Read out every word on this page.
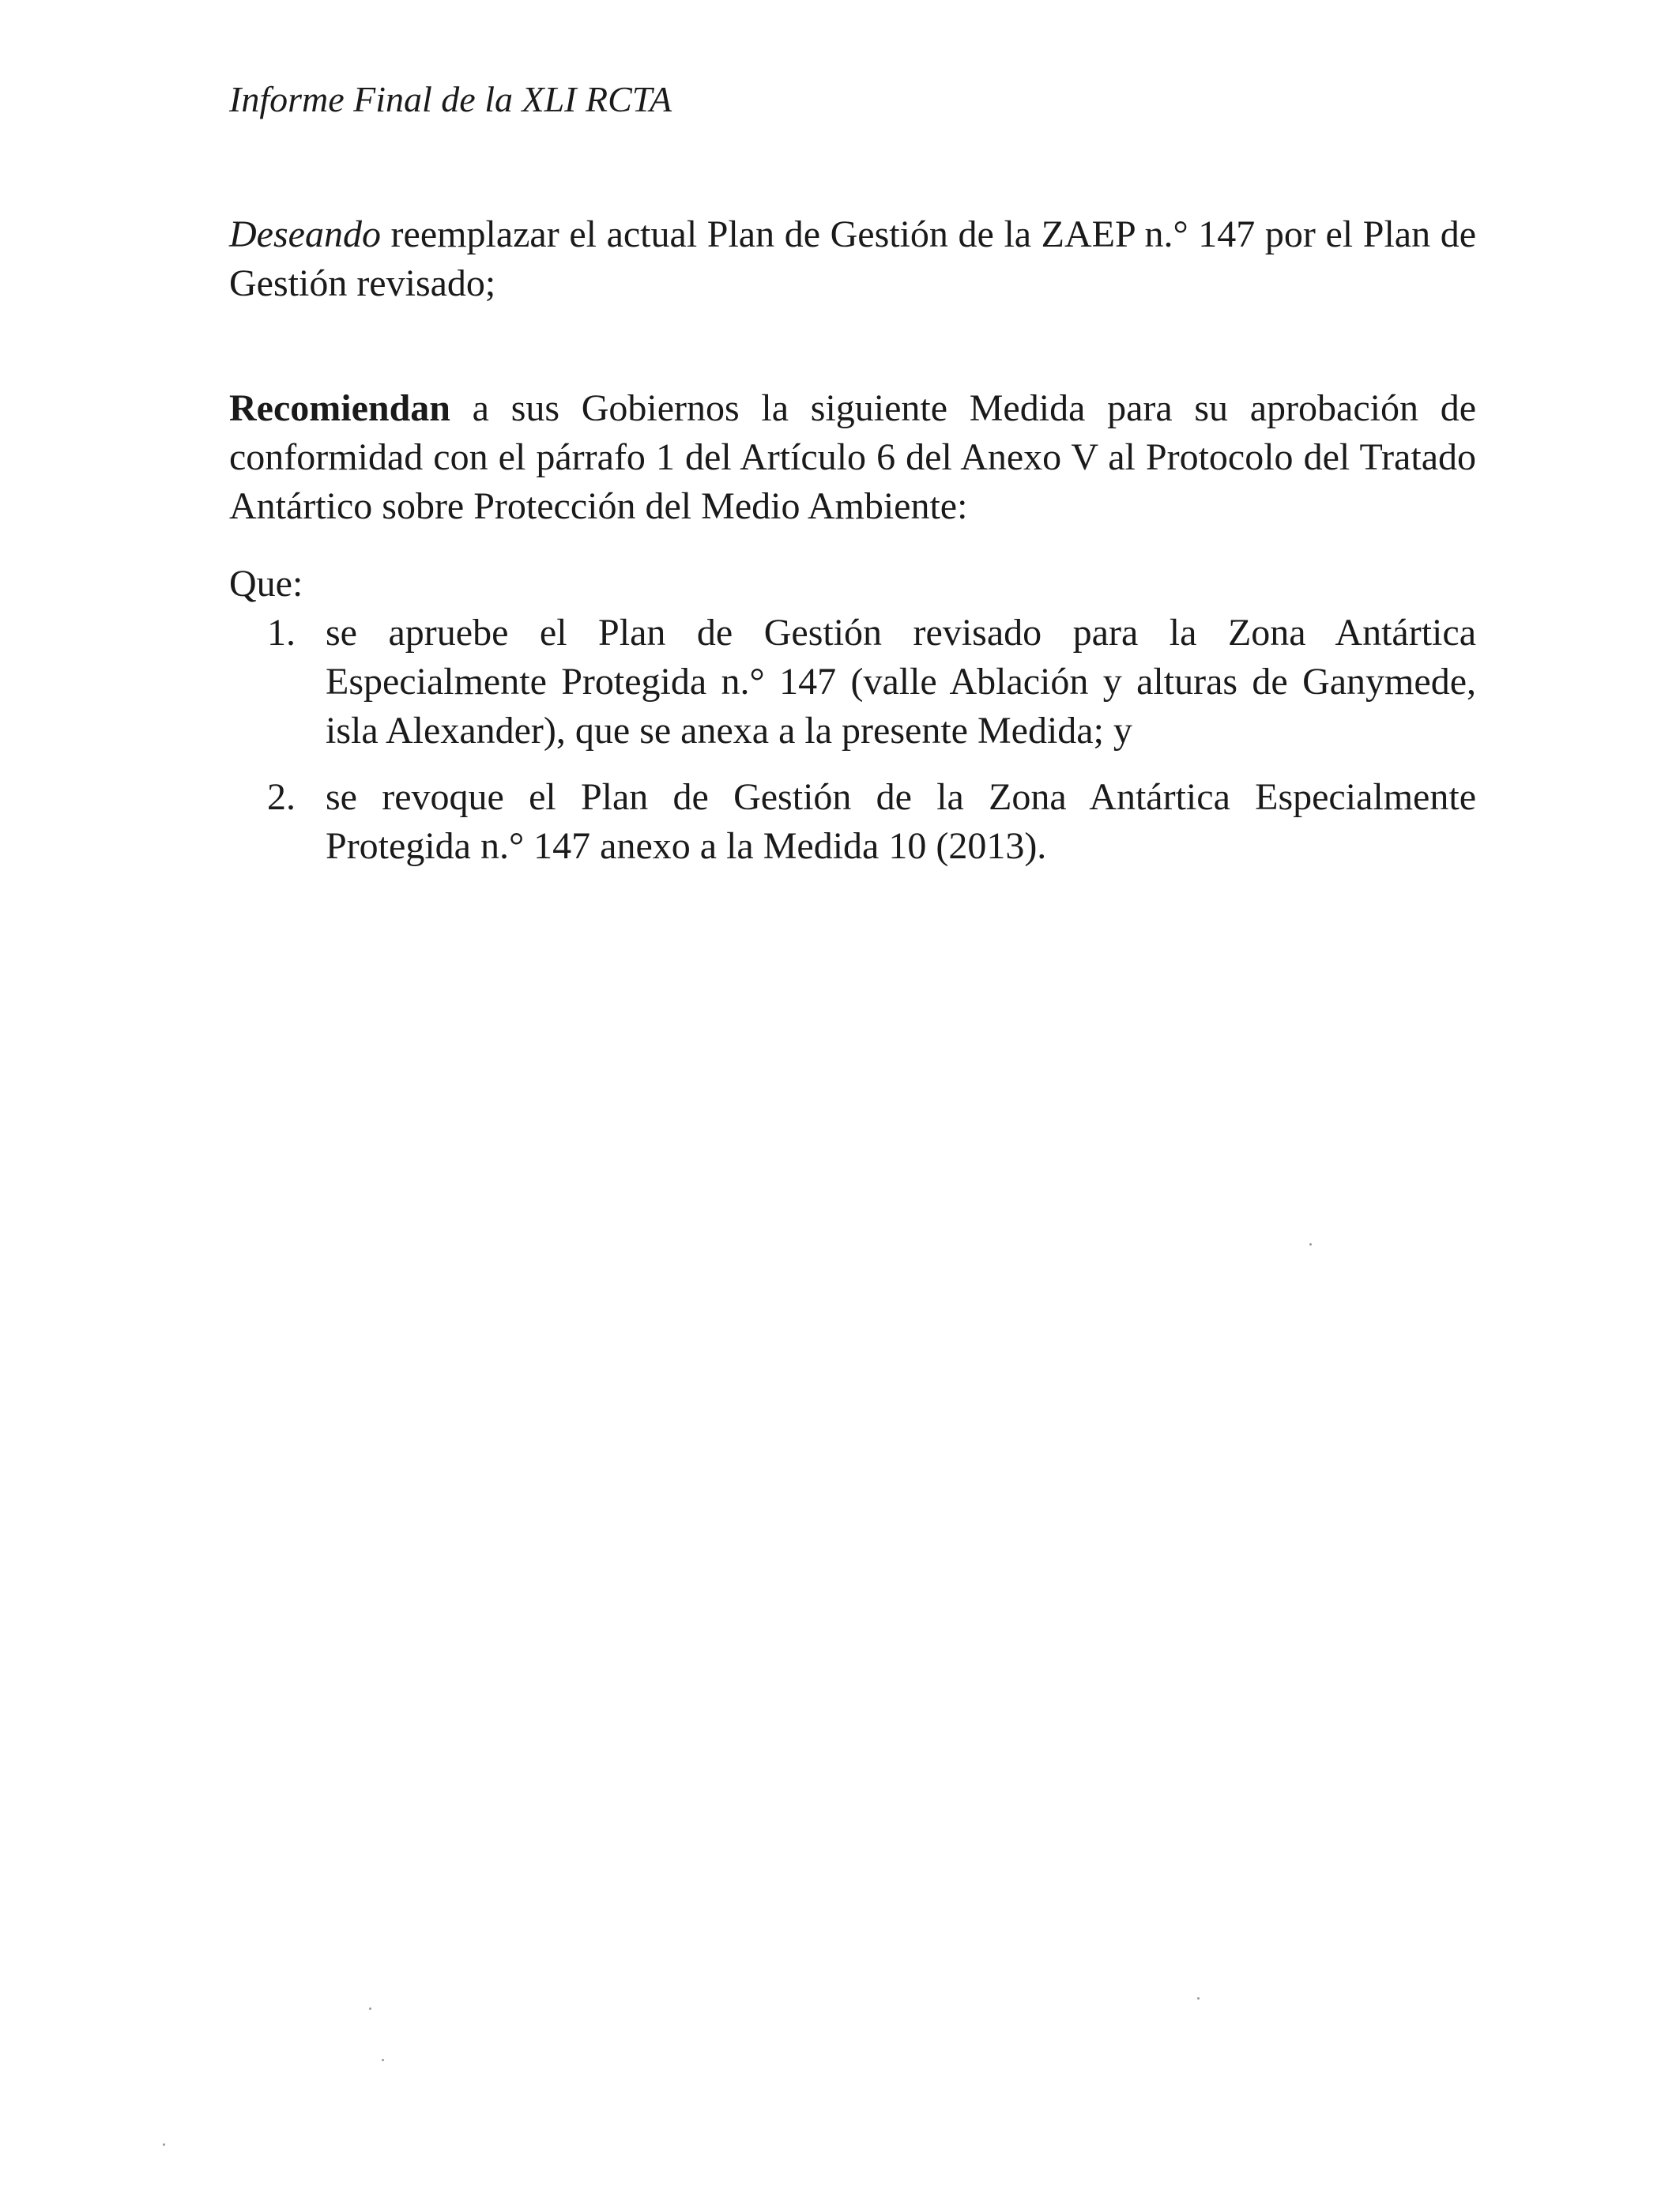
Informe Final de la XLI RCTA

Deseando reemplazar el actual Plan de Gestión de la ZAEP n.° 147 por el Plan de Gestión revisado;

Recomiendan a sus Gobiernos la siguiente Medida para su aprobación de conformidad con el párrafo 1 del Artículo 6 del Anexo V al Protocolo del Tratado Antártico sobre Protección del Medio Ambiente:

Que:

1. se apruebe el Plan de Gestión revisado para la Zona Antártica Especialmente Protegida n.° 147 (valle Ablación y alturas de Ganymede, isla Alexander), que se anexa a la presente Medida; y
2. se revoque el Plan de Gestión de la Zona Antártica Especialmente Protegida n.° 147 anexo a la Medida 10 (2013).
